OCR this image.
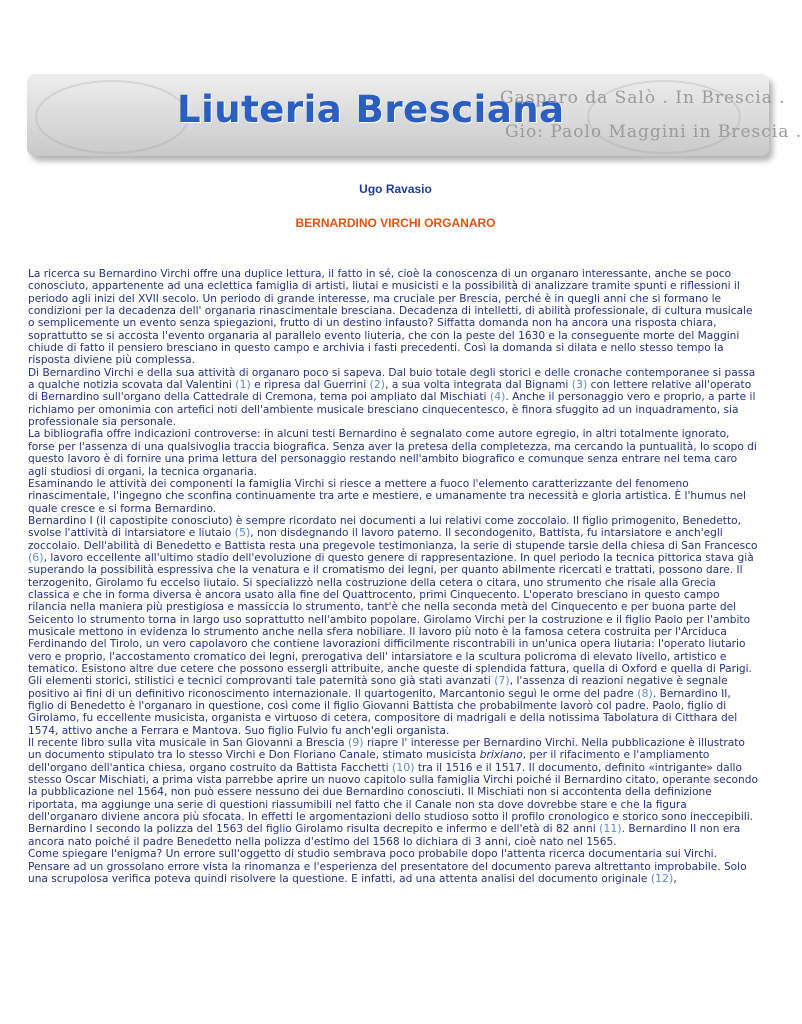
Liuteria Bresciana
Gasparo da Salò . In Brescia .
Gio: Paolo Maggini in Brescia .
Ugo Ravasio
BERNARDINO VIRCHI ORGANARO

La ricerca su Bernardino Virchi offre una duplice lettura, il fatto in sé, cioè la conoscenza di un organaro interessante, anche se poco conosciuto, appartenente ad una eclettica famiglia di artisti, liutai e musicisti e la possibilità di analizzare tramite spunti e riflessioni il periodo agli inizi del XVII secolo. Un periodo di grande interesse, ma cruciale per Brescia, perché è in quegli anni che si formano le condizioni per la decadenza dell' organaria rinascimentale bresciana. Decadenza di intelletti, di abilità professionale, di cultura musicale o semplicemente un evento senza spiegazioni, frutto di un destino infausto? Siffatta domanda non ha ancora una risposta chiara, soprattutto se si accosta l'evento organaria al parallelo evento liuteria, che con la peste del 1630 e la conseguente morte del Maggini chiude di fatto il pensiero bresciano in questo campo e archivia i fasti precedenti. Così la domanda si dilata e nello stesso tempo la risposta diviene più complessa.

Di Bernardino Virchi e della sua attività di organaro poco si sapeva. Dal buio totale degli storici e delle cronache contemporanee si passa a qualche notizia scovata dal Valentini (1) e ripresa dal Guerrini (2), a sua volta integrata dal Bignami (3) con lettere relative all'operato di Bernardino sull'organo della Cattedrale di Cremona, tema poi ampliato dal Mischiati (4). Anche il personaggio vero e proprio, a parte il richiamo per omonimia con artefici noti dell'ambiente musicale bresciano cinquecentesco, è finora sfuggito ad un inquadramento, sia professionale sia personale.

La bibliografia offre indicazioni controverse: in alcuni testi Bernardino è segnalato come autore egregio, in altri totalmente ignorato, forse per l'assenza di una qualsivoglia traccia biografica. Senza aver la pretesa della completezza, ma cercando la puntualità, lo scopo di questo lavoro è di fornire una prima lettura del personaggio restando nell'ambito biografico e comunque senza entrare nel tema caro agli studiosi di organi, la tecnica organaria.

Esaminando le attività dei componenti la famiglia Virchi si riesce a mettere a fuoco l'elemento caratterizzante del fenomeno rinascimentale, l'ingegno che sconfina continuamente tra arte e mestiere, e umanamente tra necessità e gloria artistica. È l'humus nel quale cresce e si forma Bernardino.

Bernardino I (il capostipite conosciuto) è sempre ricordato nei documenti a lui relativi come zoccolaio. Il figlio primogenito, Benedetto, svolse l'attività di intarsiatore e liutaio (5), non disdegnando il lavoro paterno. Il secondogenito, Battista, fu intarsiatore e anch'egli zoccolaio. Dell'abilità di Benedetto e Battista resta una pregevole testimonianza, la serie di stupende tarsie della chiesa di San Francesco (6), lavoro eccellente all'ultimo stadio dell'evoluzione di questo genere di rappresentazione. In quel periodo la tecnica pittorica stava già superando la possibilità espressiva che la venatura e il cromatismo dei legni, per quanto abilmente ricercati e trattati, possono dare. Il terzogenito, Girolamo fu eccelso liutaio. Si specializzò nella costruzione della cetera o citara, uno strumento che risale alla Grecia classica e che in forma diversa è ancora usato alla fine del Quattrocento, primi Cinquecento. L'operato bresciano in questo campo rilancia nella maniera più prestigiosa e massiccia lo strumento, tant'è che nella seconda metà del Cinquecento e per buona parte del Seicento lo strumento torna in largo uso soprattutto nell'ambito popolare. Girolamo Virchi per la costruzione e il figlio Paolo per l'ambito musicale mettono in evidenza lo strumento anche nella sfera nobiliare. Il lavoro più noto è la famosa cetera costruita per l'Arciduca Ferdinando del Tirolo, un vero capolavoro che contiene lavorazioni difficilmente riscontrabili in un'unica opera liutaria: l'operato liutario vero e proprio, l'accostamento cromatico dei legni, prerogativa dell' intarsiatore e la scultura policroma di elevato livello, artistico e tematico. Esistono altre due cetere che possono essergli attribuite, anche queste di splendida fattura, quella di Oxford e quella di Parigi. Gli elementi storici, stilistici e tecnici comprovanti tale paternità sono già stati avanzati (7), l'assenza di reazioni negative è segnale positivo ai fini di un definitivo riconoscimento internazionale. Il quartogenito, Marcantonio seguì le orme del padre (8). Bernardino II, figlio di Benedetto è l'organaro in questione, così come il figlio Giovanni Battista che probabilmente lavorò col padre. Paolo, figlio di Girolamo, fu eccellente musicista, organista e virtuoso di cetera, compositore di madrigali e della notissima Tabolatura di Citthara del 1574, attivo anche a Ferrara e Mantova. Suo figlio Fulvio fu anch'egli organista.

Il recente libro sulla vita musicale in San Giovanni a Brescia (9) riapre l' interesse per Bernardino Virchi. Nella pubblicazione è illustrato un documento stipulato tra lo stesso Virchi e Don Floriano Canale, stimato musicista brixiano, per il rifacimento e l'ampliamento dell'organo dell'antica chiesa, organo costruito da Battista Facchetti (10) tra il 1516 e il 1517. Il documento, definito «intrigante» dallo stesso Oscar Mischiati, a prima vista parrebbe aprire un nuovo capitolo sulla famiglia Virchi poiché il Bernardino citato, operante secondo la pubblicazione nel 1564, non può essere nessuno dei due Bernardino conosciuti. Il Mischiati non si accontenta della definizione riportata, ma aggiunge una serie di questioni riassumibili nel fatto che il Canale non sta dove dovrebbe stare e che la figura dell'organaro diviene ancora più sfocata. In effetti le argomentazioni dello studioso sotto il profilo cronologico e storico sono ineccepibili. Bernardino I secondo la polizza del 1563 del figlio Girolamo risulta decrepito e infermo e dell'età di 82 anni (11). Bernardino II non era ancora nato poiché il padre Benedetto nella polizza d'estimo del 1568 lo dichiara di 3 anni, cioè nato nel 1565.

Come spiegare l'enigma? Un errore sull'oggetto di studio sembrava poco probabile dopo l'attenta ricerca documentaria sui Virchi. Pensare ad un grossolano errore vista la rinomanza e l'esperienza del presentatore del documento pareva altrettanto improbabile. Solo una scrupolosa verifica poteva quindi risolvere la questione. E infatti, ad una attenta analisi del documento originale (12),
